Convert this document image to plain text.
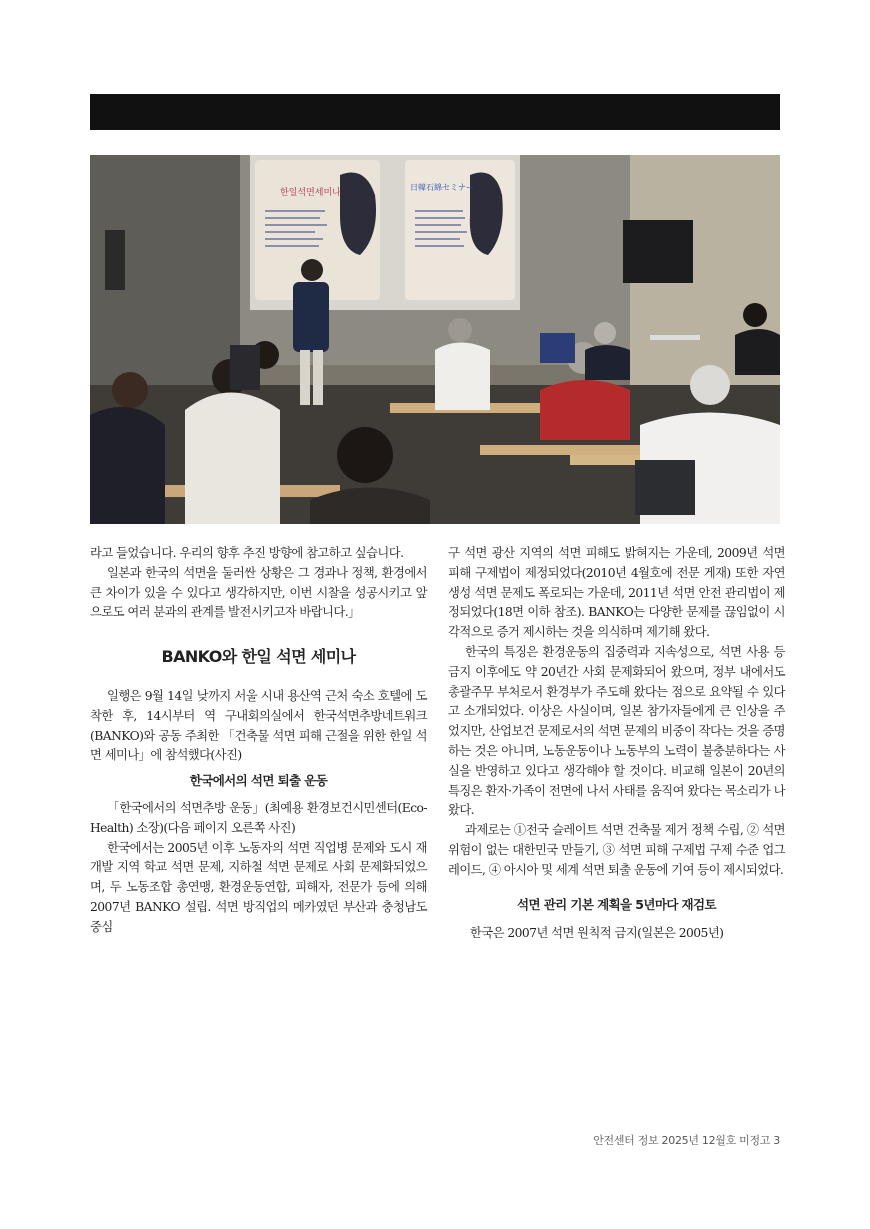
한일석면세미나
日韓石綿セミナー

라고 들었습니다. 우리의 향후 추진 방향에 참고하고 싶습니다.

일본과 한국의 석면을 둘러싼 상황은 그 경과나 정책, 환경에서 큰 차이가 있을 수 있다고 생각하지만, 이번 시찰을 성공시키고 앞으로도 여러 분과의 관계를 발전시키고자 바랍니다.」

BANKO와 한일 석면 세미나

일행은 9월 14일 낮까지 서울 시내 용산역 근처 숙소 호텔에 도착한 후, 14시부터 역 구내회의실에서 한국석면추방네트워크(BANKO)와 공동 주최한 「건축물 석면 피해 근절을 위한 한일 석면 세미나」에 참석했다(사진)

한국에서의 석면 퇴출 운동

「한국에서의 석면추방 운동」(최예용 환경보건시민센터(Eco-Health) 소장)(다음 페이지 오른쪽 사진)

한국에서는 2005년 이후 노동자의 석면 직업병 문제와 도시 재개발 지역 학교 석면 문제, 지하철 석면 문제로 사회 문제화되었으며, 두 노동조합 총연맹, 환경운동연합, 피해자, 전문가 등에 의해 2007년 BANKO 설립. 석면 방직업의 메카였던 부산과 충청남도 중심

구 석면 광산 지역의 석면 피해도 밝혀지는 가운데, 2009년 석면 피해 구제법이 제정되었다(2010년 4월호에 전문 게재) 또한 자연 생성 석면 문제도 폭로되는 가운데, 2011년 석면 안전 관리법이 제정되었다(18면 이하 참조). BANKO는 다양한 문제를 끊임없이 시각적으로 증거 제시하는 것을 의식하며 제기해 왔다.

한국의 특징은 환경운동의 집중력과 지속성으로, 석면 사용 등 금지 이후에도 약 20년간 사회 문제화되어 왔으며, 정부 내에서도 총괄주무 부처로서 환경부가 주도해 왔다는 점으로 요약될 수 있다고 소개되었다. 이상은 사실이며, 일본 참가자들에게 큰 인상을 주었지만, 산업보건 문제로서의 석면 문제의 비중이 작다는 것을 증명하는 것은 아니며, 노동운동이나 노동부의 노력이 불충분하다는 사실을 반영하고 있다고 생각해야 할 것이다. 비교해 일본이 20년의 특징은 환자·가족이 전면에 나서 사태를 움직여 왔다는 목소리가 나왔다.

과제로는 ①전국 슬레이트 석면 건축물 제거 정책 수립, ② 석면 위험이 없는 대한민국 만들기, ③ 석면 피해 구제법 구제 수준 업그레이드, ④ 아시아 및 세계 석면 퇴출 운동에 기여 등이 제시되었다.

석면 관리 기본 계획을 5년마다 재검토

한국은 2007년 석면 원칙적 금지(일본은 2005년)

안전센터 정보 2025년 12월호 미정고 3
